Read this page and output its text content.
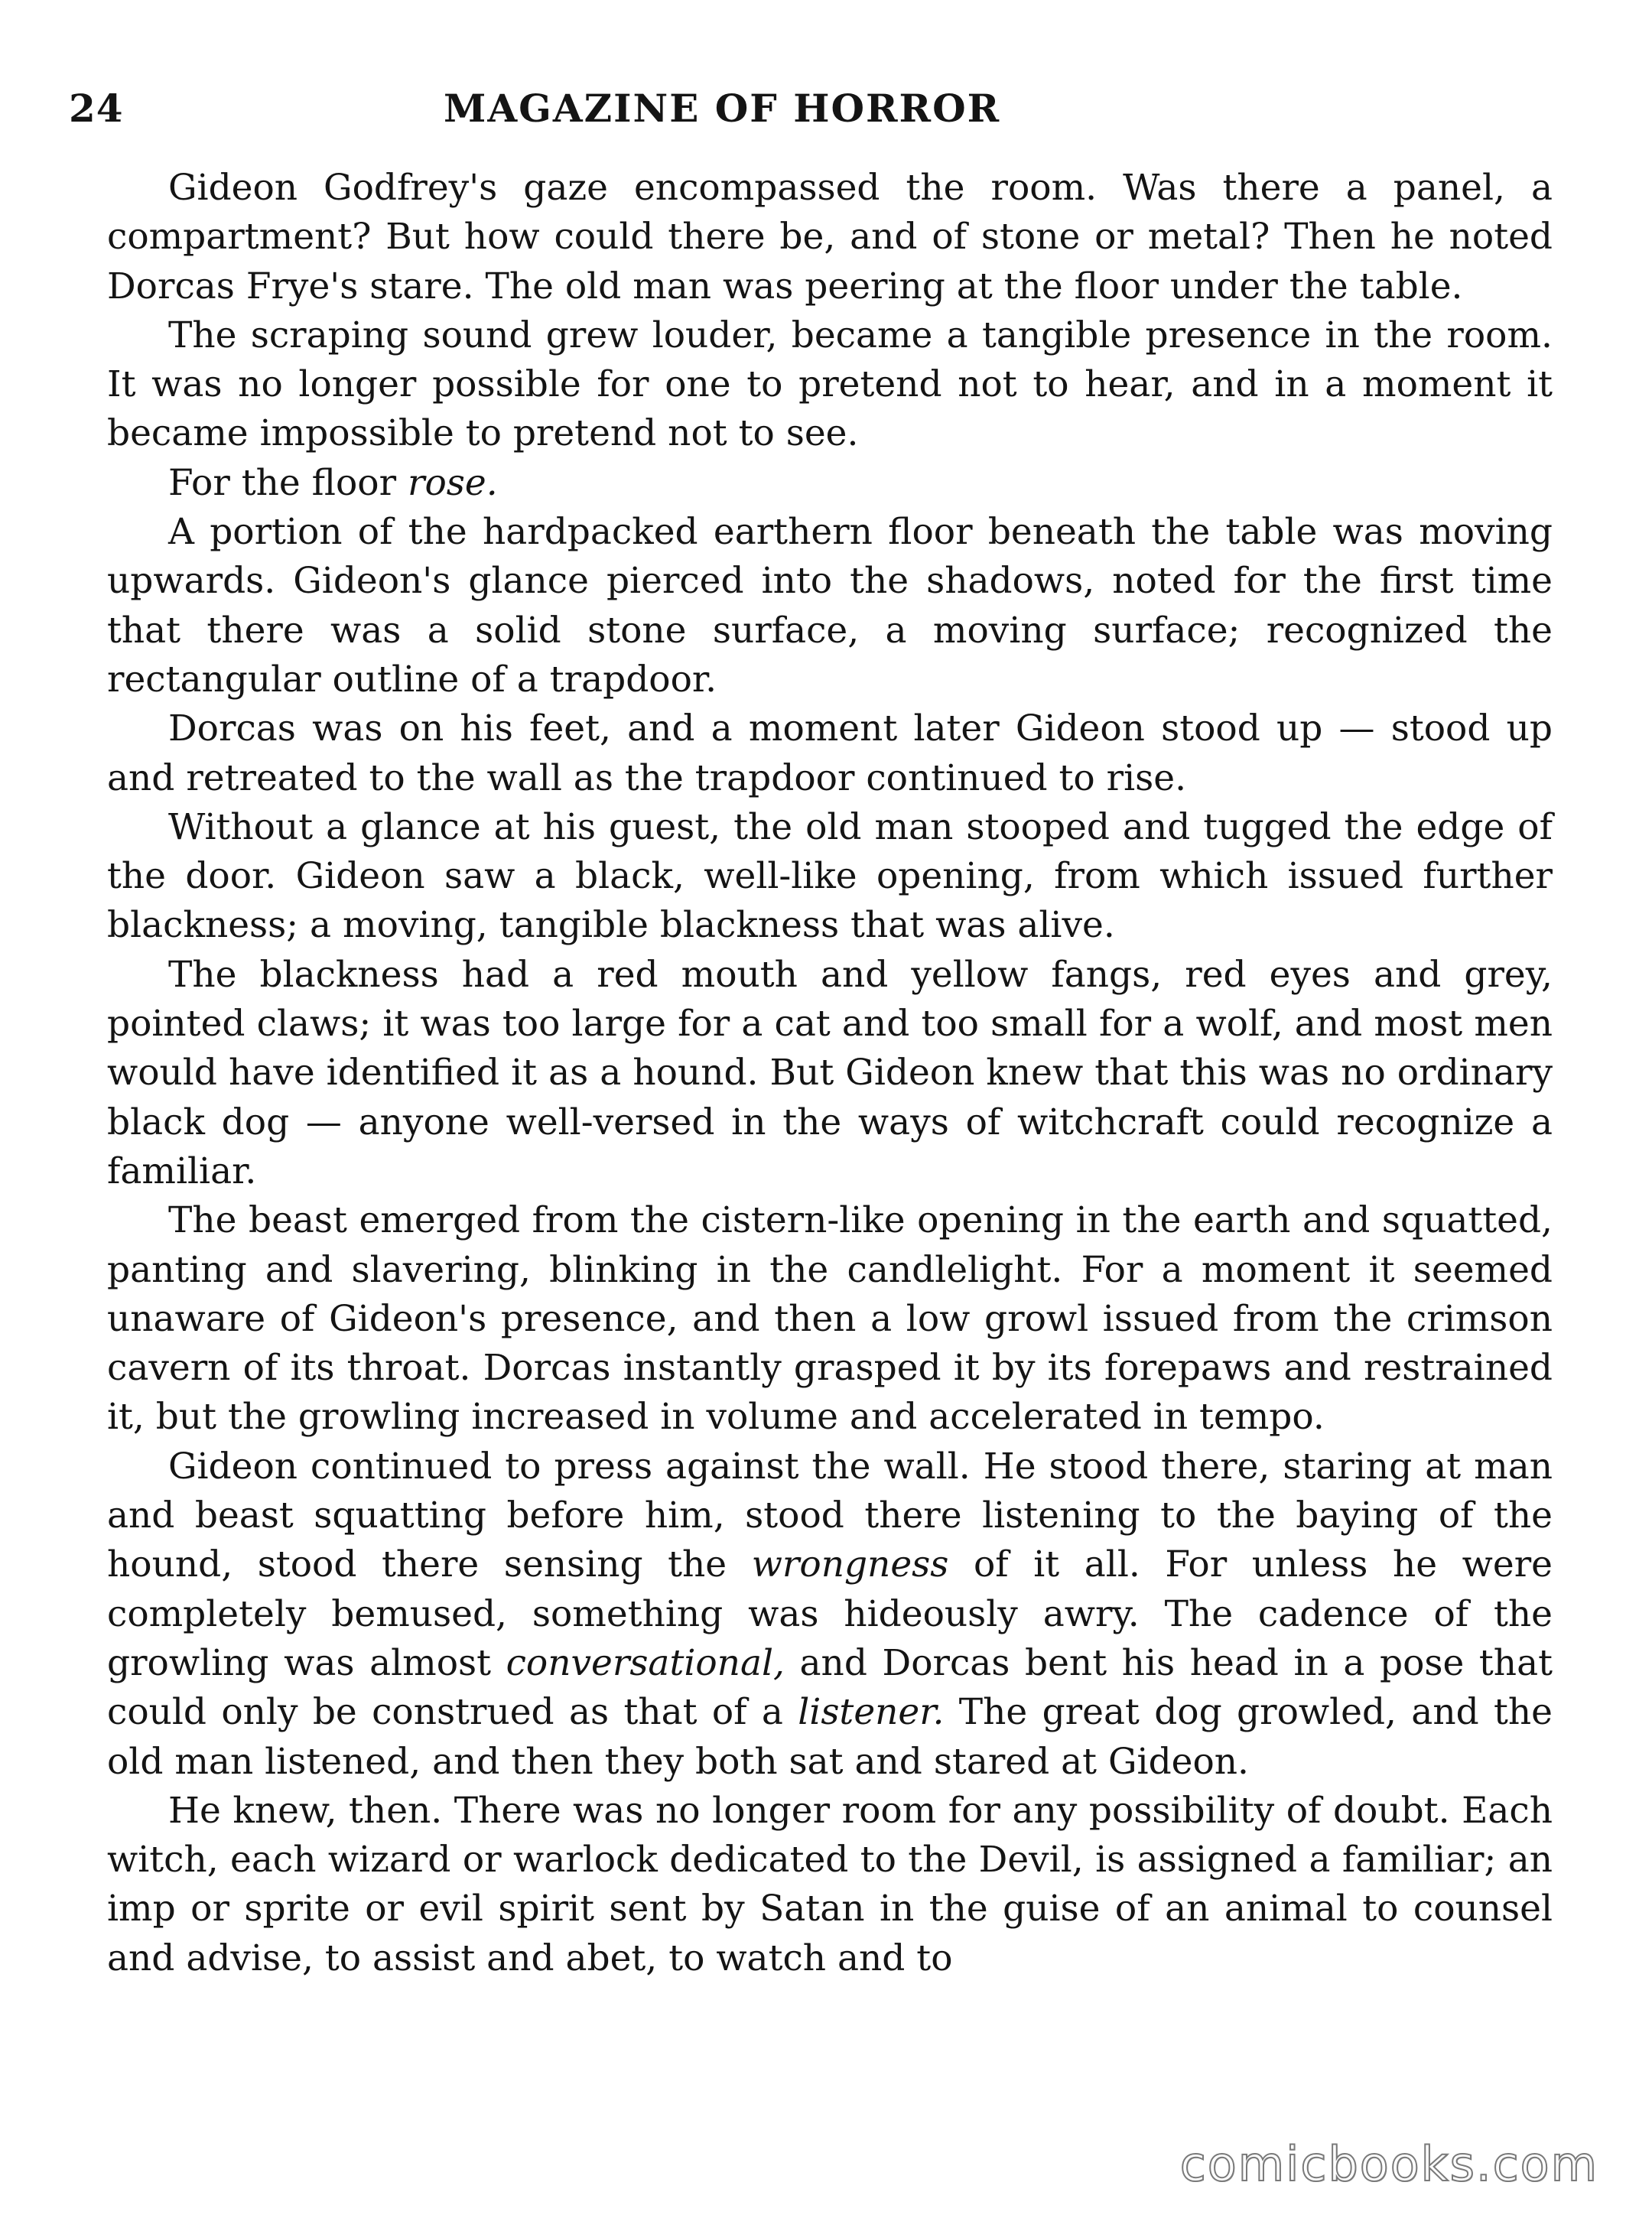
24	MAGAZINE OF HORROR

Gideon Godfrey's gaze encompassed the room. Was there a panel, a compartment? But how could there be, and of stone or metal? Then he noted Dorcas Frye's stare. The old man was peering at the floor under the table.

The scraping sound grew louder, became a tangible presence in the room. It was no longer possible for one to pretend not to hear, and in a moment it became impossible to pretend not to see.

For the floor rose.

A portion of the hardpacked earthern floor beneath the table was moving upwards. Gideon's glance pierced into the shadows, noted for the first time that there was a solid stone surface, a moving surface; recognized the rectangular outline of a trapdoor.

Dorcas was on his feet, and a moment later Gideon stood up — stood up and retreated to the wall as the trapdoor continued to rise.

Without a glance at his guest, the old man stooped and tugged the edge of the door. Gideon saw a black, well-like opening, from which issued further blackness; a moving, tangible blackness that was alive.

The blackness had a red mouth and yellow fangs, red eyes and grey, pointed claws; it was too large for a cat and too small for a wolf, and most men would have identified it as a hound. But Gideon knew that this was no ordinary black dog — anyone well-versed in the ways of witchcraft could recognize a familiar.

The beast emerged from the cistern-like opening in the earth and squatted, panting and slavering, blinking in the candlelight. For a moment it seemed unaware of Gideon's presence, and then a low growl issued from the crimson cavern of its throat. Dorcas instantly grasped it by its forepaws and restrained it, but the growling increased in volume and accelerated in tempo.

Gideon continued to press against the wall. He stood there, staring at man and beast squatting before him, stood there listening to the baying of the hound, stood there sensing the wrongness of it all. For unless he were completely bemused, something was hideously awry. The cadence of the growling was almost conversational, and Dorcas bent his head in a pose that could only be construed as that of a listener. The great dog growled, and the old man listened, and then they both sat and stared at Gideon.

He knew, then. There was no longer room for any possibility of doubt. Each witch, each wizard or warlock dedicated to the Devil, is assigned a familiar; an imp or sprite or evil spirit sent by Satan in the guise of an animal to counsel and advise, to assist and abet, to watch and to

comicbooks.com
